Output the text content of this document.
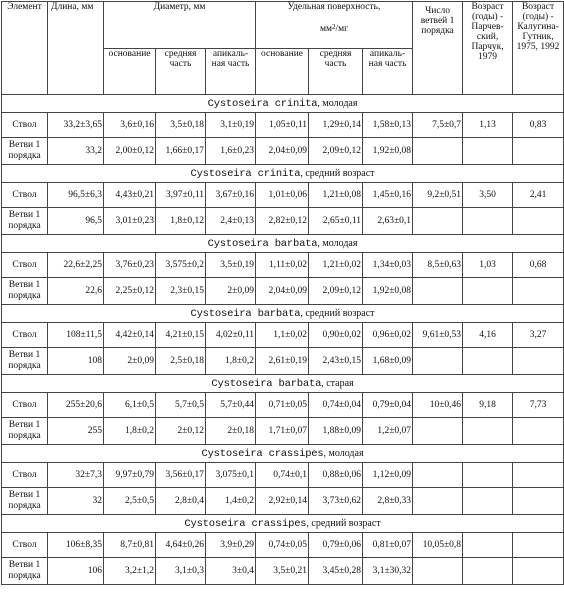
Элемент	Длина, мм	Диаметр, мм			Удельная поверхность,
$мм^2/мг$			Число ветвей 1 порядка	Возраст (годы) - Парчев-ский, Парчук, 1979	Возраст (годы) - Калугина-Гутник, 1975, 1992
		основание	средняя часть	апикаль-ная часть	основание	средняя часть	апикаль-ная часть			
Cystoseira crinita, молодая										
Ствол	33,2±3,65	3,6±0,16	3,5±0,18	3,1±0,19	1,05±0,11	1,29±0,14	1,58±0,13	7,5±0,7	1,13	0,83
Ветви 1 порядка	33,2	2,00±0,12	1,66±0,17	1,6±0,23	2,04±0,09	2,09±0,12	1,92±0,08			
Cystoseira crinita, средний возраст										
Ствол	96,5±6,3	4,43±0,21	3,97±0,11	3,67±0,16	1,01±0,06	1,21±0,08	1,45±0,16	9,2±0,51	3,50	2,41
Ветви 1 порядка	96,5	3,01±0,23	1,8±0,12	2,4±0,13	2,82±0,12	2,65±0,11	2,63±0,1			
Cystoseira barbata, молодая										
Ствол	22,6±2,25	3,76±0,23	3,575±0,2	3,5±0,19	1,11±0,02	1,21±0,02	1,34±0,03	8,5±0,63	1,03	0,68
Ветви 1 порядка	22,6	2,25±0,12	2,3±0,15	2±0,09	2,04±0,09	2,09±0,12	1,92±0,08			
Cystoseira barbata, средний возраст										
Ствол	108±11,5	4,42±0,14	4,21±0,15	4,02±0,11	1,1±0,02	0,90±0,02	0,96±0,02	9,61±0,53	4,16	3,27
Ветви 1 порядка	108	2±0,09	2,5±0,18	1,8±0,2	2,61±0,19	2,43±0,15	1,68±0,09			
Cystoseira barbata, старая										
Ствол	255±20,6	6,1±0,5	5,7±0,5	5,7±0,44	0,71±0,05	0,74±0,04	0,79±0,04	10±0,46	9,18	7,73
Ветви 1 порядка	255	1,8±0,2	2±0,12	2±0,18	1,71±0,07	1,88±0,09	1,2±0,07			
Cystoseira crassipes, молодая										
Ствол	32±7,3	9,97±0,79	3,56±0,17	3,075±0,1	0,74±0,1	0,88±0,06	1,12±0,09			
Ветви 1 порядка	32	2,5±0,5	2,8±0,4	1,4±0,2	2,92±0,14	3,73±0,62	2,8±0,33			
Cystoseira crassipes, средний возраст										
Ствол	106±8,35	8,7±0,81	4,64±0,26	3,9±0,29	0,74±0,05	0,79±0,06	0,81±0,07	10,05±0,8		
Ветви 1 порядка	106	3,2±1,2	3,1±0,3	3±0,4	3,5±0,21	3,45±0,28	3,1±30,32			
